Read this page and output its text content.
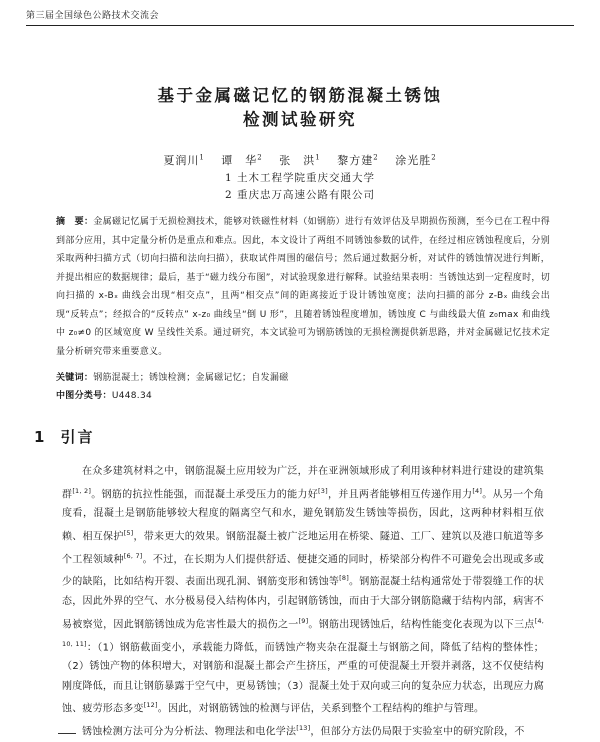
第三届全国绿色公路技术交流会
基于金属磁记忆的钢筋混凝土锈蚀
检测试验研究
夏润川$^1$　 谭　华$^2$　 张　洪$^1$　 黎方建$^2$　 涂光胜$^2$
1 土木工程学院重庆交通大学
2 重庆忠万高速公路有限公司
摘　要：金属磁记忆属于无损检测技术，能够对铁磁性材料（如钢筋）进行有效评估及早期损伤预测，至今已在工程中得到部分应用，其中定量分析仍是重点和难点。因此，本文设计了两组不同锈蚀参数的试件，在经过相应锈蚀程度后，分别采取两种扫描方式（切向扫描和法向扫描），获取试件周围的磁信号；然后通过数据分析，对试件的锈蚀情况进行判断，并提出相应的数据规律；最后，基于“磁力线分布图”，对试验现象进行解释。试验结果表明：当锈蚀达到一定程度时，切向扫描的 x-Bₓ 曲线会出现“相交点”，且两“相交点”间的距离接近于设计锈蚀宽度；法向扫描的部分 z-Bₓ 曲线会出现“反转点”；经拟合的“反转点” x-z₀ 曲线呈“倒 U 形”，且随着锈蚀程度增加，锈蚀度 C 与曲线最大值 z₀max 和曲线中 z₀≠0 的区域宽度 W 呈线性关系。通过研究，本文试验可为钢筋锈蚀的无损检测提供新思路，并对金属磁记忆技术定量分析研究带来重要意义。
关键词：钢筋混凝土；锈蚀检测；金属磁记忆；自发漏磁
中图分类号：U448.34
1 引言

在众多建筑材料之中，钢筋混凝土应用较为广泛，并在亚洲领域形成了利用该种材料进行建设的建筑集群[1, 2]。钢筋的抗拉性能强，而混凝土承受压力的能力好[3]，并且两者能够相互传递作用力[4]。从另一个角度看，混凝土是钢筋能够较大程度的隔离空气和水，避免钢筋发生锈蚀等损伤，因此，这两种材料相互依赖、相互保护[5]，带来更大的效果。钢筋混凝土被广泛地运用在桥梁、隧道、工厂、建筑以及港口航道等多个工程领域种[6, 7]。不过，在长期为人们提供舒适、便捷交通的同时，桥梁部分构件不可避免会出现或多或少的缺陷，比如结构开裂、表面出现孔洞、钢筋变形和锈蚀等[8]。钢筋混凝土结构通常处于带裂缝工作的状态，因此外界的空气、水分极易侵入结构体内，引起钢筋锈蚀，而由于大部分钢筋隐藏于结构内部，病害不易被察觉，因此钢筋锈蚀成为危害性最大的损伤之一[9]。钢筋出现锈蚀后，结构性能变化表现为以下三点[4, 10, 11]：（1）钢筋截面变小，承载能力降低，而锈蚀产物夹杂在混凝土与钢筋之间，降低了结构的整体性；（2）锈蚀产物的体积增大，对钢筋和混凝土都会产生挤压，严重的可使混凝土开裂并剥落，这不仅使结构刚度降低，而且让钢筋暴露于空气中，更易锈蚀；（3）混凝土处于双向或三向的复杂应力状态，出现应力腐蚀、疲劳形态多变[12]。因此，对钢筋锈蚀的检测与评估，关系到整个工程结构的维护与管理。

锈蚀检测方法可分为分析法、物理法和电化学法[13]，但部分方法仍局限于实验室中的研究阶段，不
